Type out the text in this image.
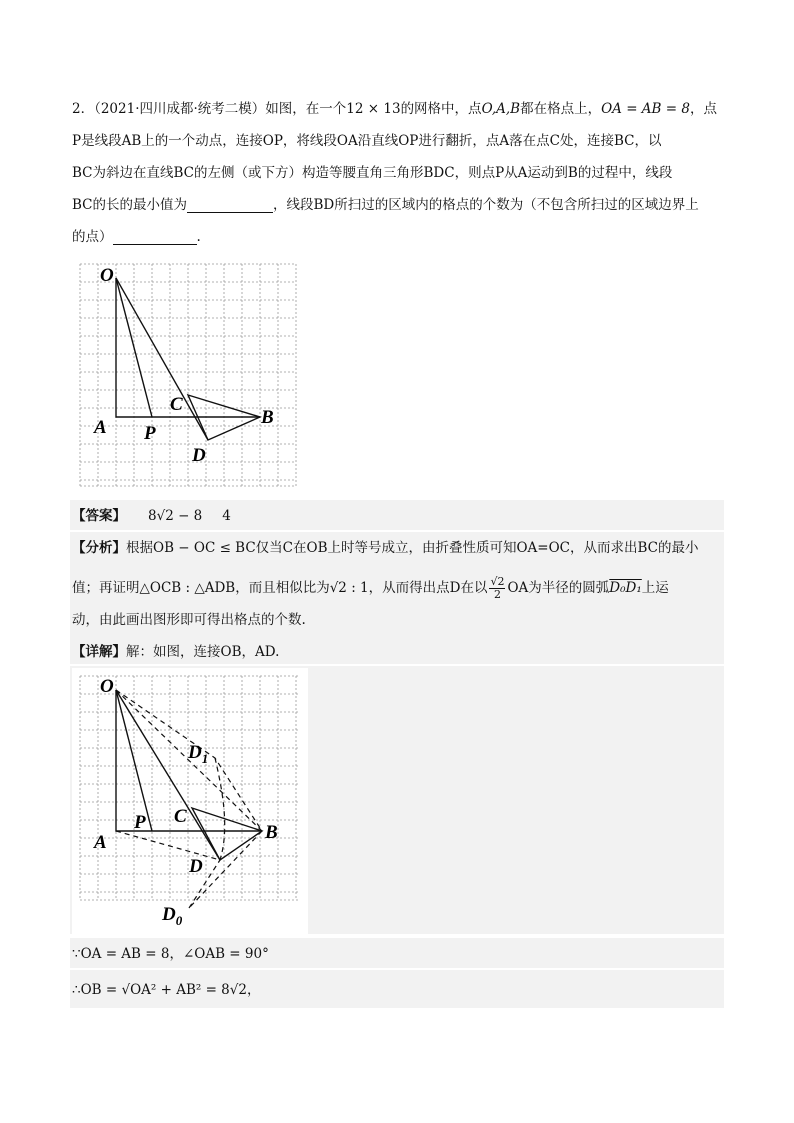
2．（2021·四川成都·统考二模）如图，在一个12 × 13的网格中，点O,A,B都在格点上，OA = AB = 8，点
P是线段AB上的一个动点，连接OP，将线段OA沿直线OP进行翻折，点A落在点C处，连接BC，以
BC为斜边在直线BC的左侧（或下方）构造等腰直角三角形BDC，则点P从A运动到B的过程中，线段
BC的长的最小值为	，线段BD所扫过的区域内的格点的个数为（不包含所扫过的区域边界上
的点）	.
O
A P
C
B
D
【答案】 8√2 − 8 4
【分析】根据OB − OC ≤ BC仅当C在OB上时等号成立，由折叠性质可知OA=OC，从而求出BC的最小
值；再证明△OCB : △ADB，而且相似比为√2 : 1，从而得出点D在以 $\frac{√2}{2}$ OA为半径的圆弧D₀D₁上运
动，由此画出图形即可得出格点的个数.
【详解】解：如图，连接OB，AD.
O
$D_1$
C
P
A	B
D
$D_0$
∵OA = AB = 8，∠OAB = 90°
∴OB = √OA² + AB² = 8√2，
